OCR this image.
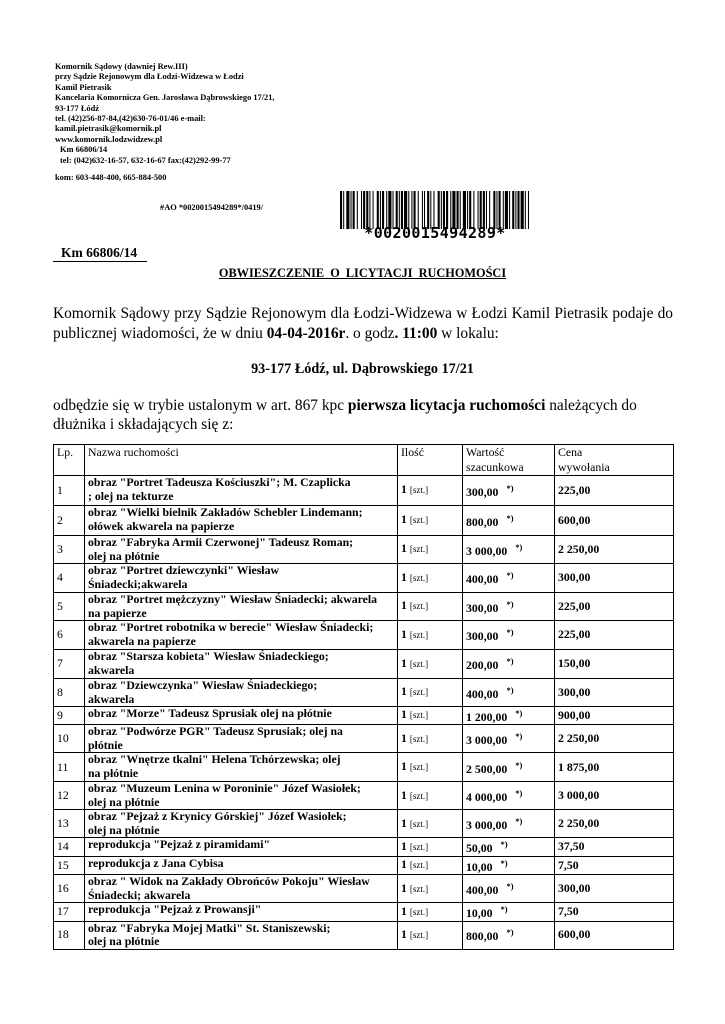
Komornik Sądowy (dawniej Rew.III)
przy Sądzie Rejonowym dla Łodzi-Widzewa w Łodzi
Kamil Pietrasik
Kancelaria Komornicza Gen. Jarosława Dąbrowskiego 17/21,
93-177 Łódź
tel. (42)256-87-84,(42)630-76-01/46 e-mail:
kamil.pietrasik@komornik.pl
www.komornik.lodzwidzew.pl
Km 66806/14
tel: (042)632-16-57, 632-16-67 fax:(42)292-99-77
kom: 603-448-400, 665-884-500
#AO *0020015494289*/0419/
*0020015494289*
Km 66806/14
OBWIESZCZENIE O LICYTACJI RUCHOMOŚCI
Komornik Sądowy przy Sądzie Rejonowym dla Łodzi-Widzewa w Łodzi Kamil Pietrasik podaje do publicznej wiadomości, że w dniu 04-04-2016r. o godz. 11:00 w lokalu:
93-177 Łódź, ul. Dąbrowskiego 17/21
odbędzie się w trybie ustalonym w art. 867 kpc pierwsza licytacja ruchomości należących do dłużnika i składających się z:
Lp.	Nazwa ruchomości	Ilość	Wartość
szacunkowa	Cena
wywołania
1	obraz "Portret Tadeusza Kościuszki"; M. Czaplicka
; olej na tekturze	1 [szt.]	300,00 *)	225,00
2	obraz "Wielki bielnik Zakładów Schebler Lindemann;
ołówek akwarela na papierze	1 [szt.]	800,00 *)	600,00
3	obraz "Fabryka Armii Czerwonej" Tadeusz Roman;
olej na płótnie	1 [szt.]	3 000,00 *)	2 250,00
4	obraz "Portret dziewczynki" Wiesław
Śniadecki;akwarela	1 [szt.]	400,00 *)	300,00
5	obraz "Portret mężczyzny" Wiesław Śniadecki; akwarela
na papierze	1 [szt.]	300,00 *)	225,00
6	obraz "Portret robotnika w berecie" Wiesław Śniadecki;
akwarela na papierze	1 [szt.]	300,00 *)	225,00
7	obraz "Starsza kobieta" Wiesław Śniadeckiego;
akwarela	1 [szt.]	200,00 *)	150,00
8	obraz "Dziewczynka" Wiesław Śniadeckiego;
akwarela	1 [szt.]	400,00 *)	300,00
9	obraz "Morze" Tadeusz Sprusiak olej na płótnie	1 [szt.]	1 200,00 *)	900,00
10	obraz "Podwórze PGR" Tadeusz Sprusiak; olej na
płótnie	1 [szt.]	3 000,00 *)	2 250,00
11	obraz "Wnętrze tkalni" Helena Tchórzewska; olej
na płótnie	1 [szt.]	2 500,00 *)	1 875,00
12	obraz "Muzeum Lenina w Poroninie" Józef Wasiołek;
olej na płótnie	1 [szt.]	4 000,00 *)	3 000,00
13	obraz "Pejzaż z Krynicy Górskiej" Józef Wasiołek;
olej na płótnie	1 [szt.]	3 000,00 *)	2 250,00
14	reprodukcja "Pejzaż z piramidami"	1 [szt.]	50,00 *)	37,50
15	reprodukcja z Jana Cybisa	1 [szt.]	10,00 *)	7,50
16	obraz " Widok na Zakłady Obrońców Pokoju" Wiesław
Śniadecki; akwarela	1 [szt.]	400,00 *)	300,00
17	reprodukcja "Pejzaż z Prowansji"	1 [szt.]	10,00 *)	7,50
18	obraz "Fabryka Mojej Matki" St. Staniszewski;
olej na płótnie	1 [szt.]	800,00 *)	600,00
